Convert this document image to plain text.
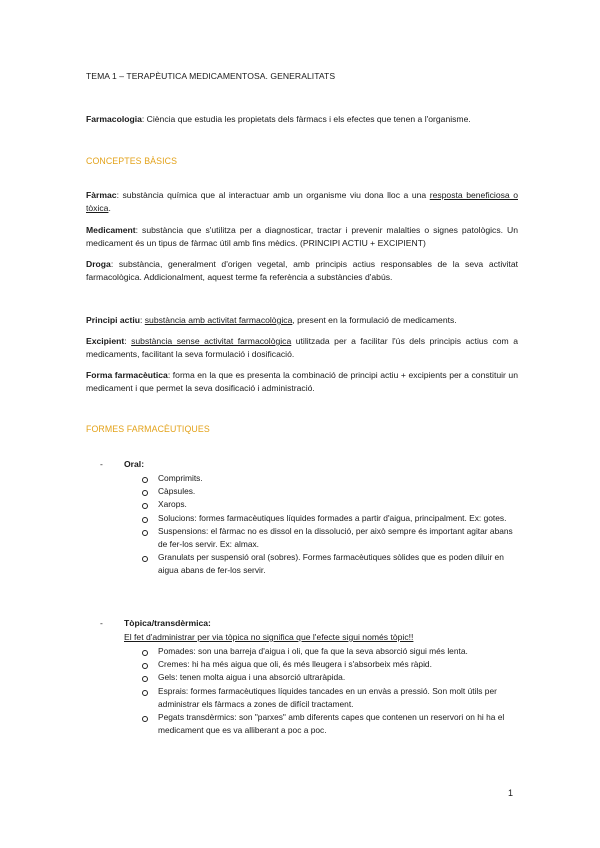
TEMA 1 – TERAPÈUTICA MEDICAMENTOSA. GENERALITATS
Farmacologia: Ciència que estudia les propietats dels fàrmacs i els efectes que tenen a l'organisme.
CONCEPTES BÀSICS
Fàrmac: substància química que al interactuar amb un organisme viu dona lloc a una resposta beneficiosa o tòxica.
Medicament: substància que s'utilitza per a diagnosticar, tractar i prevenir malalties o signes patològics. Un medicament és un tipus de fàrmac útil amb fins mèdics. (PRINCIPI ACTIU + EXCIPIENT)
Droga: substància, generalment d'origen vegetal, amb principis actius responsables de la seva activitat farmacològica. Addicionalment, aquest terme fa referència a substàncies d'abús.
Principi actiu: substància amb activitat farmacològica, present en la formulació de medicaments.
Excipient: substància sense activitat farmacològica utilitzada per a facilitar l'ús dels principis actius com a medicaments, facilitant la seva formulació i dosificació.
Forma farmacèutica: forma en la que es presenta la combinació de principi actiu + excipients per a constituir un medicament i que permet la seva dosificació i administració.
FORMES FARMACÈUTIQUES
- Oral:
Comprimits.
Càpsules.
Xarops.
Solucions: formes farmacèutiques líquides formades a partir d'aigua, principalment. Ex: gotes.
Suspensions: el fàrmac no es dissol en la dissolució, per això sempre és important agitar abans de fer-los servir. Ex: almax.
Granulats per suspensió oral (sobres). Formes farmacèutiques sòlides que es poden diluir en aigua abans de fer-los servir.
- Tòpica/transdèrmica:
El fet d'administrar per via tòpica no significa que l'efecte sigui només tòpic!!
Pomades: son una barreja d'aigua i oli, que fa que la seva absorció sigui més lenta.
Cremes: hi ha més aigua que oli, és més lleugera i s'absorbeix més ràpid.
Gels: tenen molta aigua i una absorció ultraràpida.
Esprais: formes farmacèutiques líquides tancades en un envàs a pressió. Son molt útils per administrar els fàrmacs a zones de difícil tractament.
Pegats transdèrmics: son "parxes" amb diferents capes que contenen un reservori on hi ha el medicament que es va alliberant a poc a poc.
1
